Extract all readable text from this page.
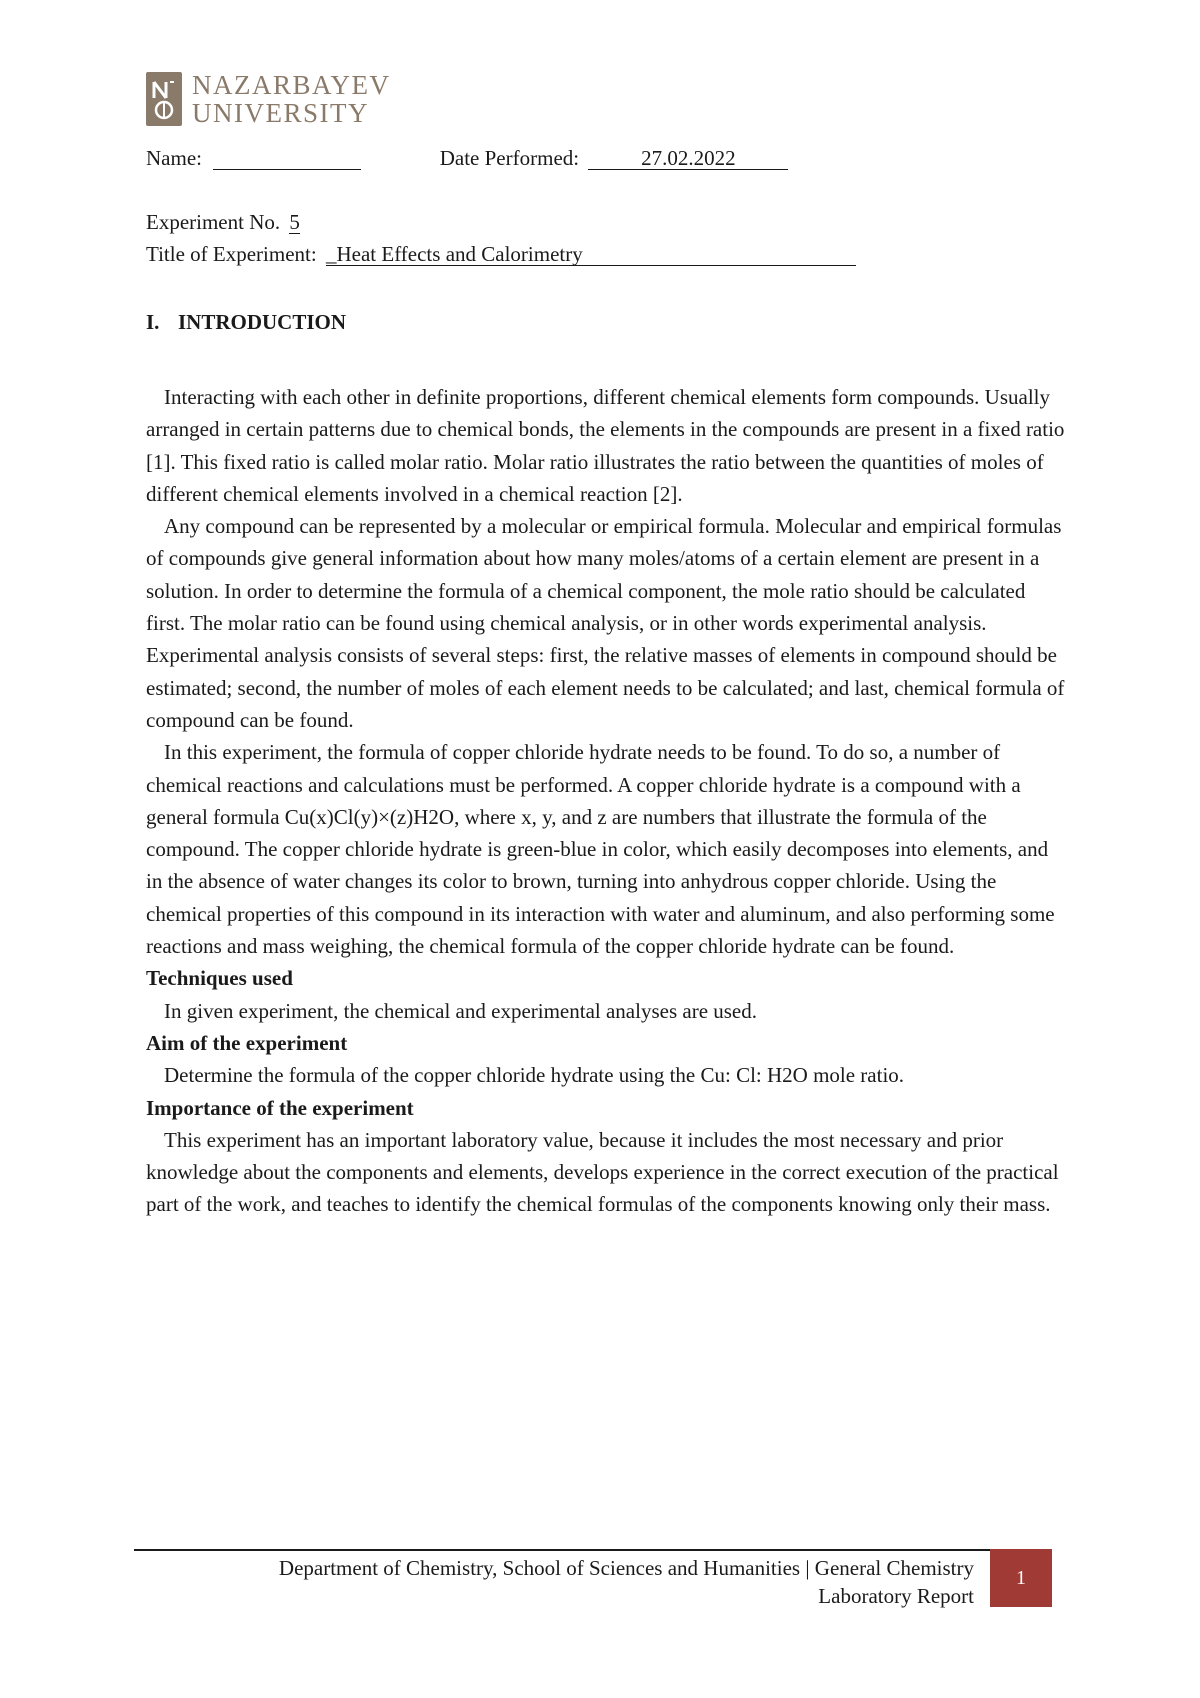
NAZARBAYEV
UNIVERSITY
Name:	Date Performed:	27.02.2022
Experiment No. 5
Title of Experiment: _Heat Effects and Calorimetry
I. INTRODUCTION

Interacting with each other in definite proportions, different chemical elements form compounds. Usually arranged in certain patterns due to chemical bonds, the elements in the compounds are present in a fixed ratio [1]. This fixed ratio is called molar ratio. Molar ratio illustrates the ratio between the quantities of moles of different chemical elements involved in a chemical reaction [2].

Any compound can be represented by a molecular or empirical formula. Molecular and empirical formulas of compounds give general information about how many moles/atoms of a certain element are present in a solution. In order to determine the formula of a chemical component, the mole ratio should be calculated first. The molar ratio can be found using chemical analysis, or in other words experimental analysis. Experimental analysis consists of several steps: first, the relative masses of elements in compound should be estimated; second, the number of moles of each element needs to be calculated; and last, chemical formula of compound can be found.

In this experiment, the formula of copper chloride hydrate needs to be found. To do so, a number of chemical reactions and calculations must be performed. A copper chloride hydrate is a compound with a general formula Cu(x)Cl(y)×(z)H2O, where x, y, and z are numbers that illustrate the formula of the compound. The copper chloride hydrate is green-blue in color, which easily decomposes into elements, and in the absence of water changes its color to brown, turning into anhydrous copper chloride. Using the chemical properties of this compound in its interaction with water and aluminum, and also performing some reactions and mass weighing, the chemical formula of the copper chloride hydrate can be found.

Techniques used

In given experiment, the chemical and experimental analyses are used.

Aim of the experiment

Determine the formula of the copper chloride hydrate using the Cu: Cl: H2O mole ratio.

Importance of the experiment

This experiment has an important laboratory value, because it includes the most necessary and prior knowledge about the components and elements, develops experience in the correct execution of the practical part of the work, and teaches to identify the chemical formulas of the components knowing only their mass.

Department of Chemistry, School of Sciences and Humanities | General Chemistry
Laboratory Report
1
